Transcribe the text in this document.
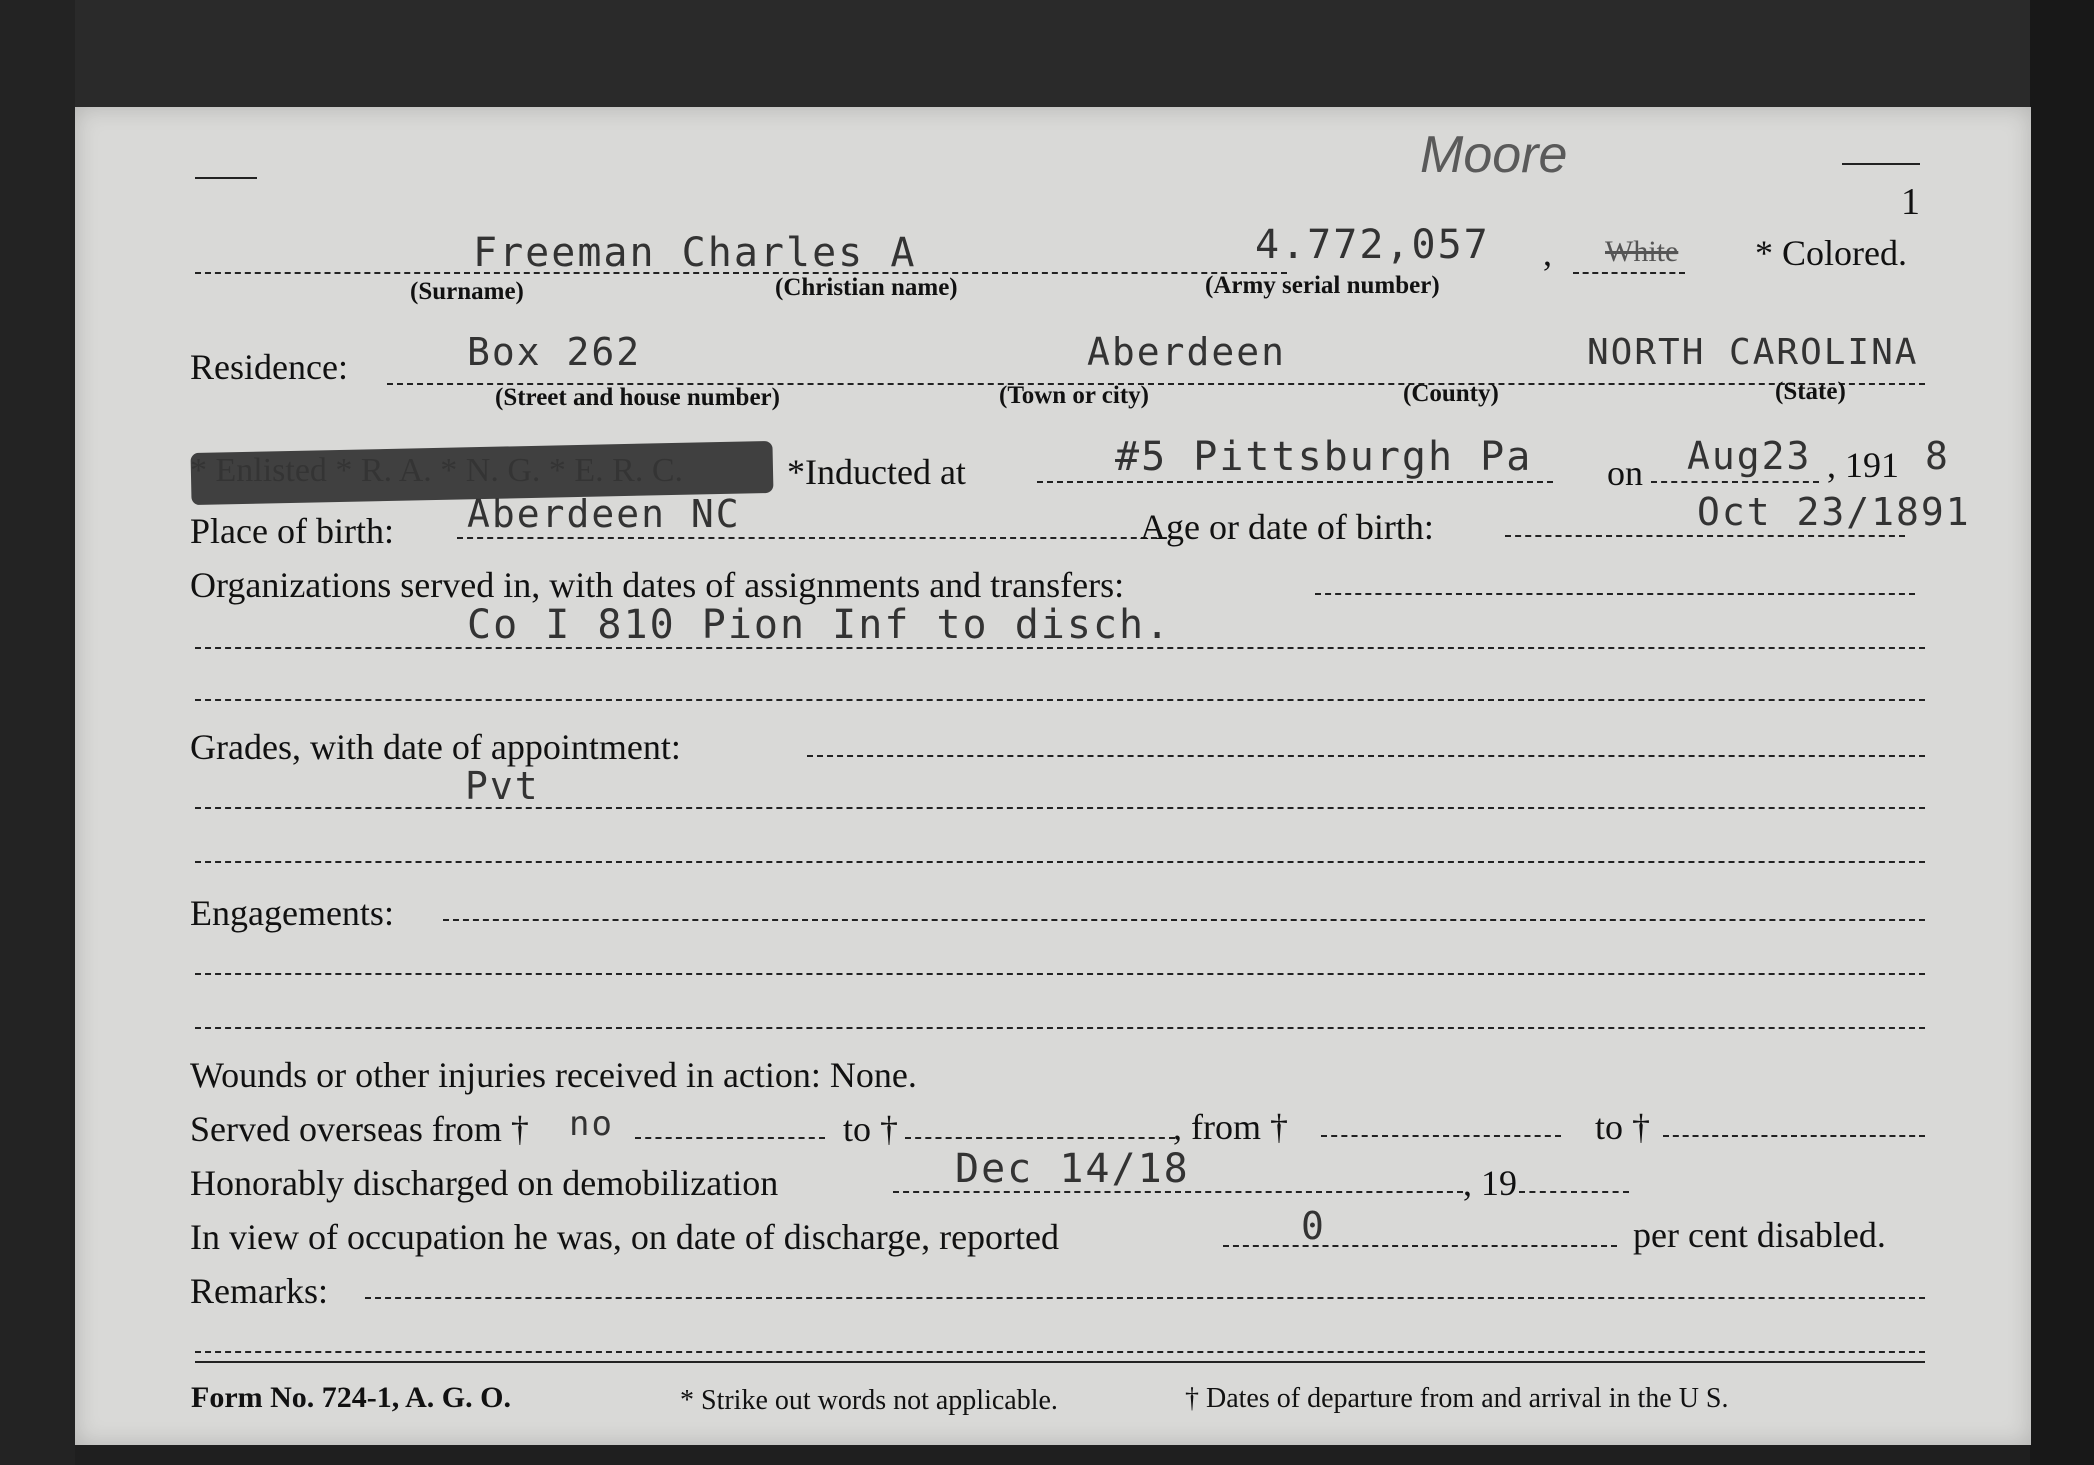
Moore
1
Freeman Charles A	4.772,057 , White * Colored.
(Surname)	(Christian name)	(Army serial number)
Residence:	Box 262	Aberdeen	NORTH CAROLINA
(Street and house number)	(Town or city)	(County)	(State)
*Inducted at	#5 Pittsburgh Pa on Aug23 , 191 8
Place of birth: Aberdeen NC	Age or date of birth:	Oct 23/1891
Organizations served in, with dates of assignments and transfers:
Co I 810 Pion Inf to disch.
Grades, with date of appointment:
Pvt
Engagements:
Wounds or other injuries received in action: None.
Served overseas from † no	to †	, from †	to †
Honorably discharged on demobilization	Dec 14/18	, 19
In view of occupation he was, on date of discharge, reported	0	per cent disabled.
Remarks:
Form No. 724-1, A. G. O.	* Strike out words not applicable.	† Dates of departure from and arrival in the U S.
